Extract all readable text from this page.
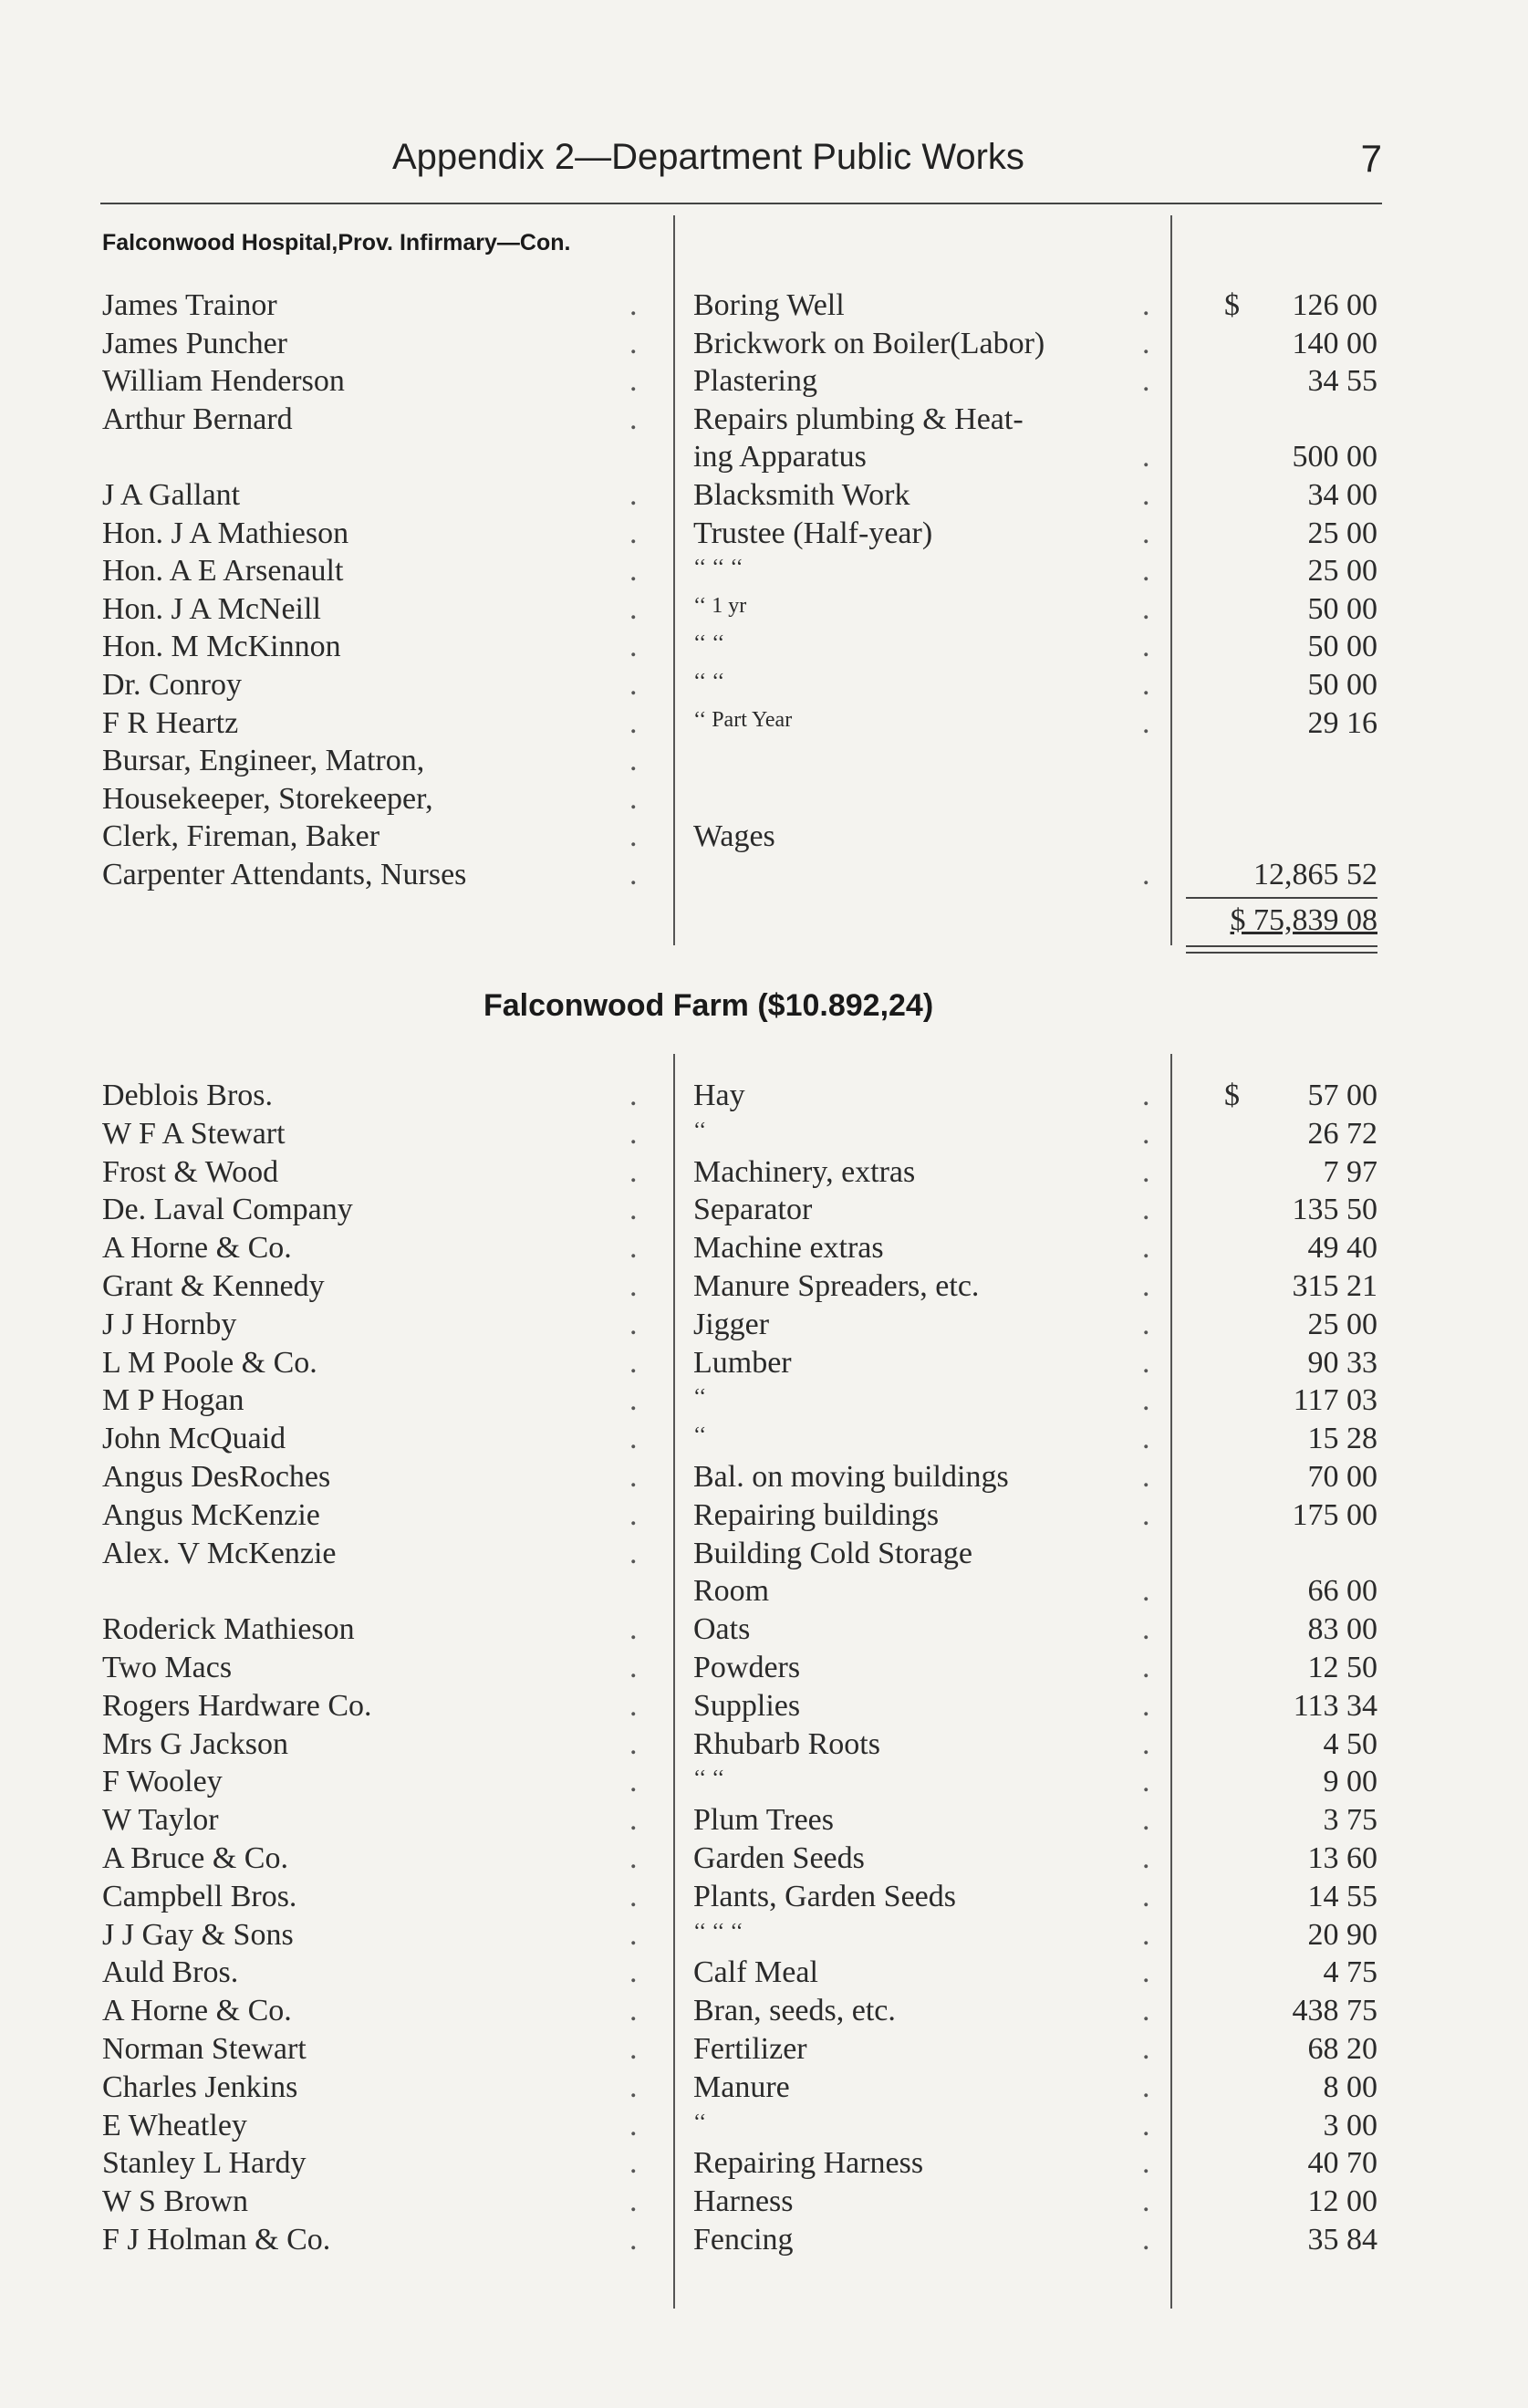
Appendix 2—Department Public Works	7
Falconwood Hospital,Prov. Infirmary—Con.
James Trainor	Boring Well	$	126 00
.	.
James Puncher	Brickwork on Boiler(Labor)	140 00
.	.
William Henderson	Plastering	34 55
.	.
Arthur Bernard	Repairs plumbing & Heat-
.
ing Apparatus	500 00
.
J A Gallant	Blacksmith Work	34 00
.	.
Hon. J A Mathieson	Trustee (Half-year)	25 00
.	.
Hon. A E Arsenault	‘‘ ‘‘ ‘‘	25 00
.	.
Hon. J A McNeill	‘‘ 1 yr	50 00
.	.
Hon. M McKinnon	‘‘ ‘‘	50 00
.	.
Dr. Conroy	‘‘ ‘‘	50 00
.	.
F R Heartz	‘‘ Part Year	29 16
.	.
Bursar, Engineer, Matron,	.
Housekeeper, Storekeeper,	.
Clerk, Fireman, Baker	Wages
.
Carpenter Attendants, Nurses	12,865 52
.	.
$ 75,839 08
Falconwood Farm ($10.892,24)
Deblois Bros.	Hay	$	57 00
.	.
W F A Stewart	‘‘	26 72
.	.
Frost & Wood	Machinery, extras	7 97
.	.
De. Laval Company	Separator	135 50
.	.
A Horne & Co.	Machine extras	49 40
.	.
Grant & Kennedy	Manure Spreaders, etc.	315 21
.	.
J J Hornby	Jigger	25 00
.	.
L M Poole & Co.	Lumber	90 33
.	.
M P Hogan	‘‘	117 03
.	.
John McQuaid	‘‘	15 28
.	.
Angus DesRoches	Bal. on moving buildings	70 00
.	.
Angus McKenzie	Repairing buildings	175 00
.	.
Alex. V McKenzie	Building Cold Storage
.
Room	66 00
.
Roderick Mathieson	Oats	83 00
.	.
Two Macs	Powders	12 50
.	.
Rogers Hardware Co.	Supplies	113 34
.	.
Mrs G Jackson	Rhubarb Roots	4 50
.	.
F Wooley	‘‘ ‘‘	9 00
.	.
W Taylor	Plum Trees	3 75
.	.
A Bruce & Co.	Garden Seeds	13 60
.	.
Campbell Bros.	Plants, Garden Seeds	14 55
.	.
J J Gay & Sons	‘‘ ‘‘ ‘‘	20 90
.	.
Auld Bros.	Calf Meal	4 75
.	.
A Horne & Co.	Bran, seeds, etc.	438 75
.	.
Norman Stewart	Fertilizer	68 20
.	.
Charles Jenkins	Manure	8 00
.	.
E Wheatley	‘‘	3 00
.	.
Stanley L Hardy	Repairing Harness	40 70
.	.
W S Brown	Harness	12 00
.	.
F J Holman & Co.	Fencing	35 84
.	.
